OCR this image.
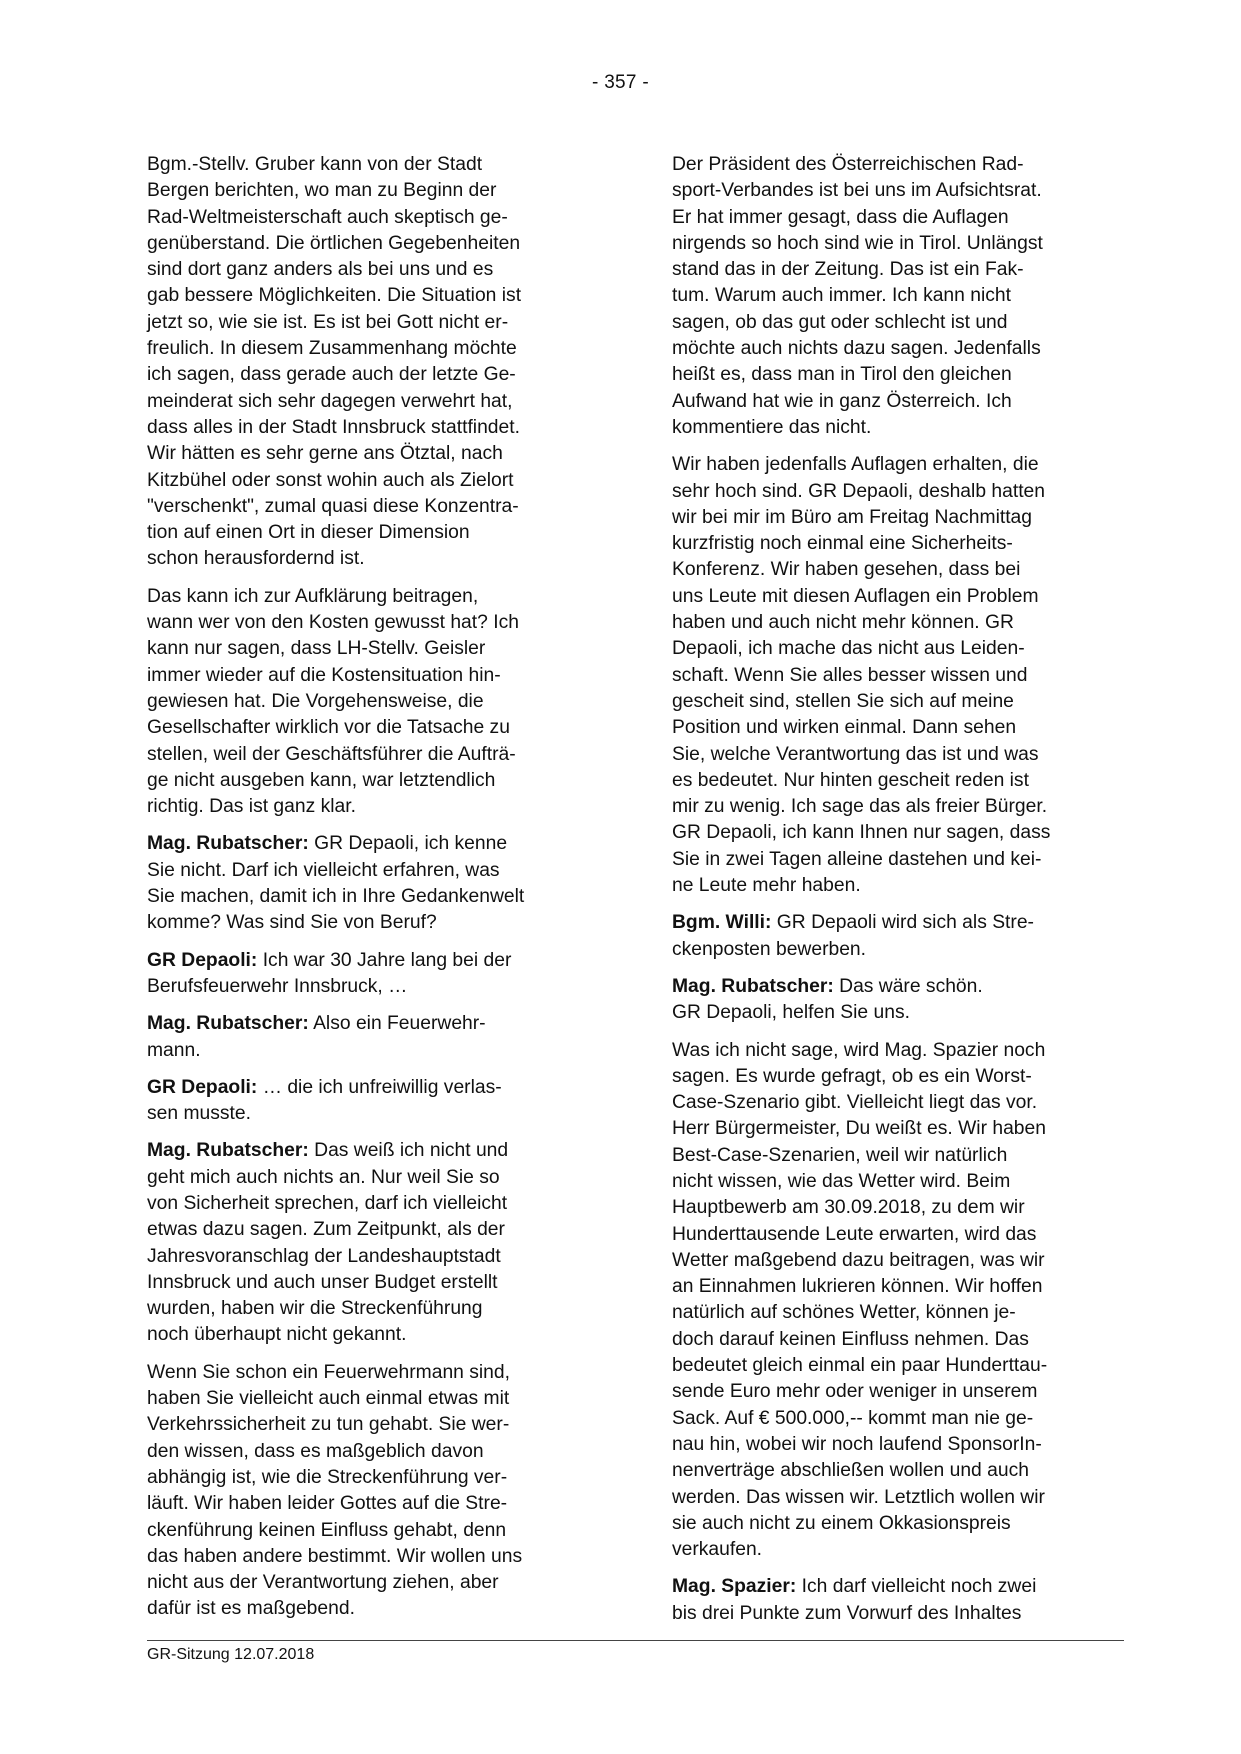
- 357 -
Bgm.-Stellv. Gruber kann von der Stadt
Bergen berichten, wo man zu Beginn der
Rad-Weltmeisterschaft auch skeptisch ge-
genüberstand. Die örtlichen Gegebenheiten
sind dort ganz anders als bei uns und es
gab bessere Möglichkeiten. Die Situation ist
jetzt so, wie sie ist. Es ist bei Gott nicht er-
freulich. In diesem Zusammenhang möchte
ich sagen, dass gerade auch der letzte Ge-
meinderat sich sehr dagegen verwehrt hat,
dass alles in der Stadt Innsbruck stattfindet.
Wir hätten es sehr gerne ans Ötztal, nach
Kitzbühel oder sonst wohin auch als Zielort
"verschenkt", zumal quasi diese Konzentra-
tion auf einen Ort in dieser Dimension
schon herausfordernd ist.
Das kann ich zur Aufklärung beitragen,
wann wer von den Kosten gewusst hat? Ich
kann nur sagen, dass LH-Stellv. Geisler
immer wieder auf die Kostensituation hin-
gewiesen hat. Die Vorgehensweise, die
Gesellschafter wirklich vor die Tatsache zu
stellen, weil der Geschäftsführer die Aufträ-
ge nicht ausgeben kann, war letztendlich
richtig. Das ist ganz klar.
Mag. Rubatscher: GR Depaoli, ich kenne
Sie nicht. Darf ich vielleicht erfahren, was
Sie machen, damit ich in Ihre Gedankenwelt
komme? Was sind Sie von Beruf?
GR Depaoli: Ich war 30 Jahre lang bei der
Berufsfeuerwehr Innsbruck, …
Mag. Rubatscher: Also ein Feuerwehr-
mann.
GR Depaoli: … die ich unfreiwillig verlas-
sen musste.
Mag. Rubatscher: Das weiß ich nicht und
geht mich auch nichts an. Nur weil Sie so
von Sicherheit sprechen, darf ich vielleicht
etwas dazu sagen. Zum Zeitpunkt, als der
Jahresvoranschlag der Landeshauptstadt
Innsbruck und auch unser Budget erstellt
wurden, haben wir die Streckenführung
noch überhaupt nicht gekannt.
Wenn Sie schon ein Feuerwehrmann sind,
haben Sie vielleicht auch einmal etwas mit
Verkehrssicherheit zu tun gehabt. Sie wer-
den wissen, dass es maßgeblich davon
abhängig ist, wie die Streckenführung ver-
läuft. Wir haben leider Gottes auf die Stre-
ckenführung keinen Einfluss gehabt, denn
das haben andere bestimmt. Wir wollen uns
nicht aus der Verantwortung ziehen, aber
dafür ist es maßgebend.
Der Präsident des Österreichischen Rad-
sport-Verbandes ist bei uns im Aufsichtsrat.
Er hat immer gesagt, dass die Auflagen
nirgends so hoch sind wie in Tirol. Unlängst
stand das in der Zeitung. Das ist ein Fak-
tum. Warum auch immer. Ich kann nicht
sagen, ob das gut oder schlecht ist und
möchte auch nichts dazu sagen. Jedenfalls
heißt es, dass man in Tirol den gleichen
Aufwand hat wie in ganz Österreich. Ich
kommentiere das nicht.
Wir haben jedenfalls Auflagen erhalten, die
sehr hoch sind. GR Depaoli, deshalb hatten
wir bei mir im Büro am Freitag Nachmittag
kurzfristig noch einmal eine Sicherheits-
Konferenz. Wir haben gesehen, dass bei
uns Leute mit diesen Auflagen ein Problem
haben und auch nicht mehr können. GR
Depaoli, ich mache das nicht aus Leiden-
schaft. Wenn Sie alles besser wissen und
gescheit sind, stellen Sie sich auf meine
Position und wirken einmal. Dann sehen
Sie, welche Verantwortung das ist und was
es bedeutet. Nur hinten gescheit reden ist
mir zu wenig. Ich sage das als freier Bürger.
GR Depaoli, ich kann Ihnen nur sagen, dass
Sie in zwei Tagen alleine dastehen und kei-
ne Leute mehr haben.
Bgm. Willi: GR Depaoli wird sich als Stre-
ckenposten bewerben.
Mag. Rubatscher: Das wäre schön.
GR Depaoli, helfen Sie uns.
Was ich nicht sage, wird Mag. Spazier noch
sagen. Es wurde gefragt, ob es ein Worst-
Case-Szenario gibt. Vielleicht liegt das vor.
Herr Bürgermeister, Du weißt es. Wir haben
Best-Case-Szenarien, weil wir natürlich
nicht wissen, wie das Wetter wird. Beim
Hauptbewerb am 30.09.2018, zu dem wir
Hunderttausende Leute erwarten, wird das
Wetter maßgebend dazu beitragen, was wir
an Einnahmen lukrieren können. Wir hoffen
natürlich auf schönes Wetter, können je-
doch darauf keinen Einfluss nehmen. Das
bedeutet gleich einmal ein paar Hunderttau-
sende Euro mehr oder weniger in unserem
Sack. Auf € 500.000,-- kommt man nie ge-
nau hin, wobei wir noch laufend SponsorIn-
nenverträge abschließen wollen und auch
werden. Das wissen wir. Letztlich wollen wir
sie auch nicht zu einem Okkasionspreis
verkaufen.
Mag. Spazier: Ich darf vielleicht noch zwei
bis drei Punkte zum Vorwurf des Inhaltes
GR-Sitzung 12.07.2018
